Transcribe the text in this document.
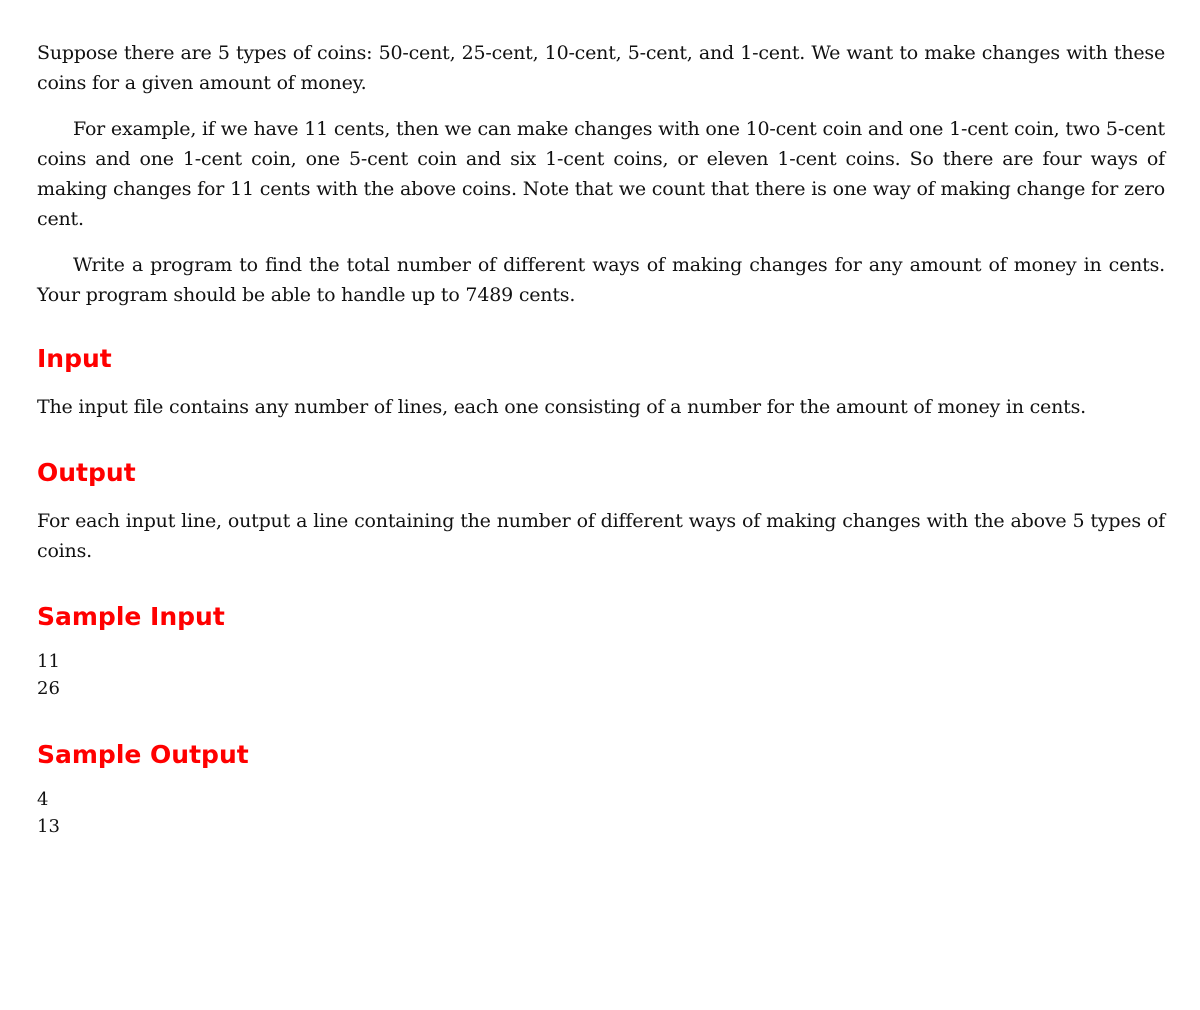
Suppose there are 5 types of coins: 50-cent, 25-cent, 10-cent, 5-cent, and 1-cent. We want to make changes with these coins for a given amount of money.

For example, if we have 11 cents, then we can make changes with one 10-cent coin and one 1-cent coin, two 5-cent coins and one 1-cent coin, one 5-cent coin and six 1-cent coins, or eleven 1-cent coins. So there are four ways of making changes for 11 cents with the above coins. Note that we count that there is one way of making change for zero cent.

Write a program to find the total number of different ways of making changes for any amount of money in cents. Your program should be able to handle up to 7489 cents.

Input

The input file contains any number of lines, each one consisting of a number for the amount of money in cents.

Output

For each input line, output a line containing the number of different ways of making changes with the above 5 types of coins.

Sample Input
11
26
Sample Output
4
13
